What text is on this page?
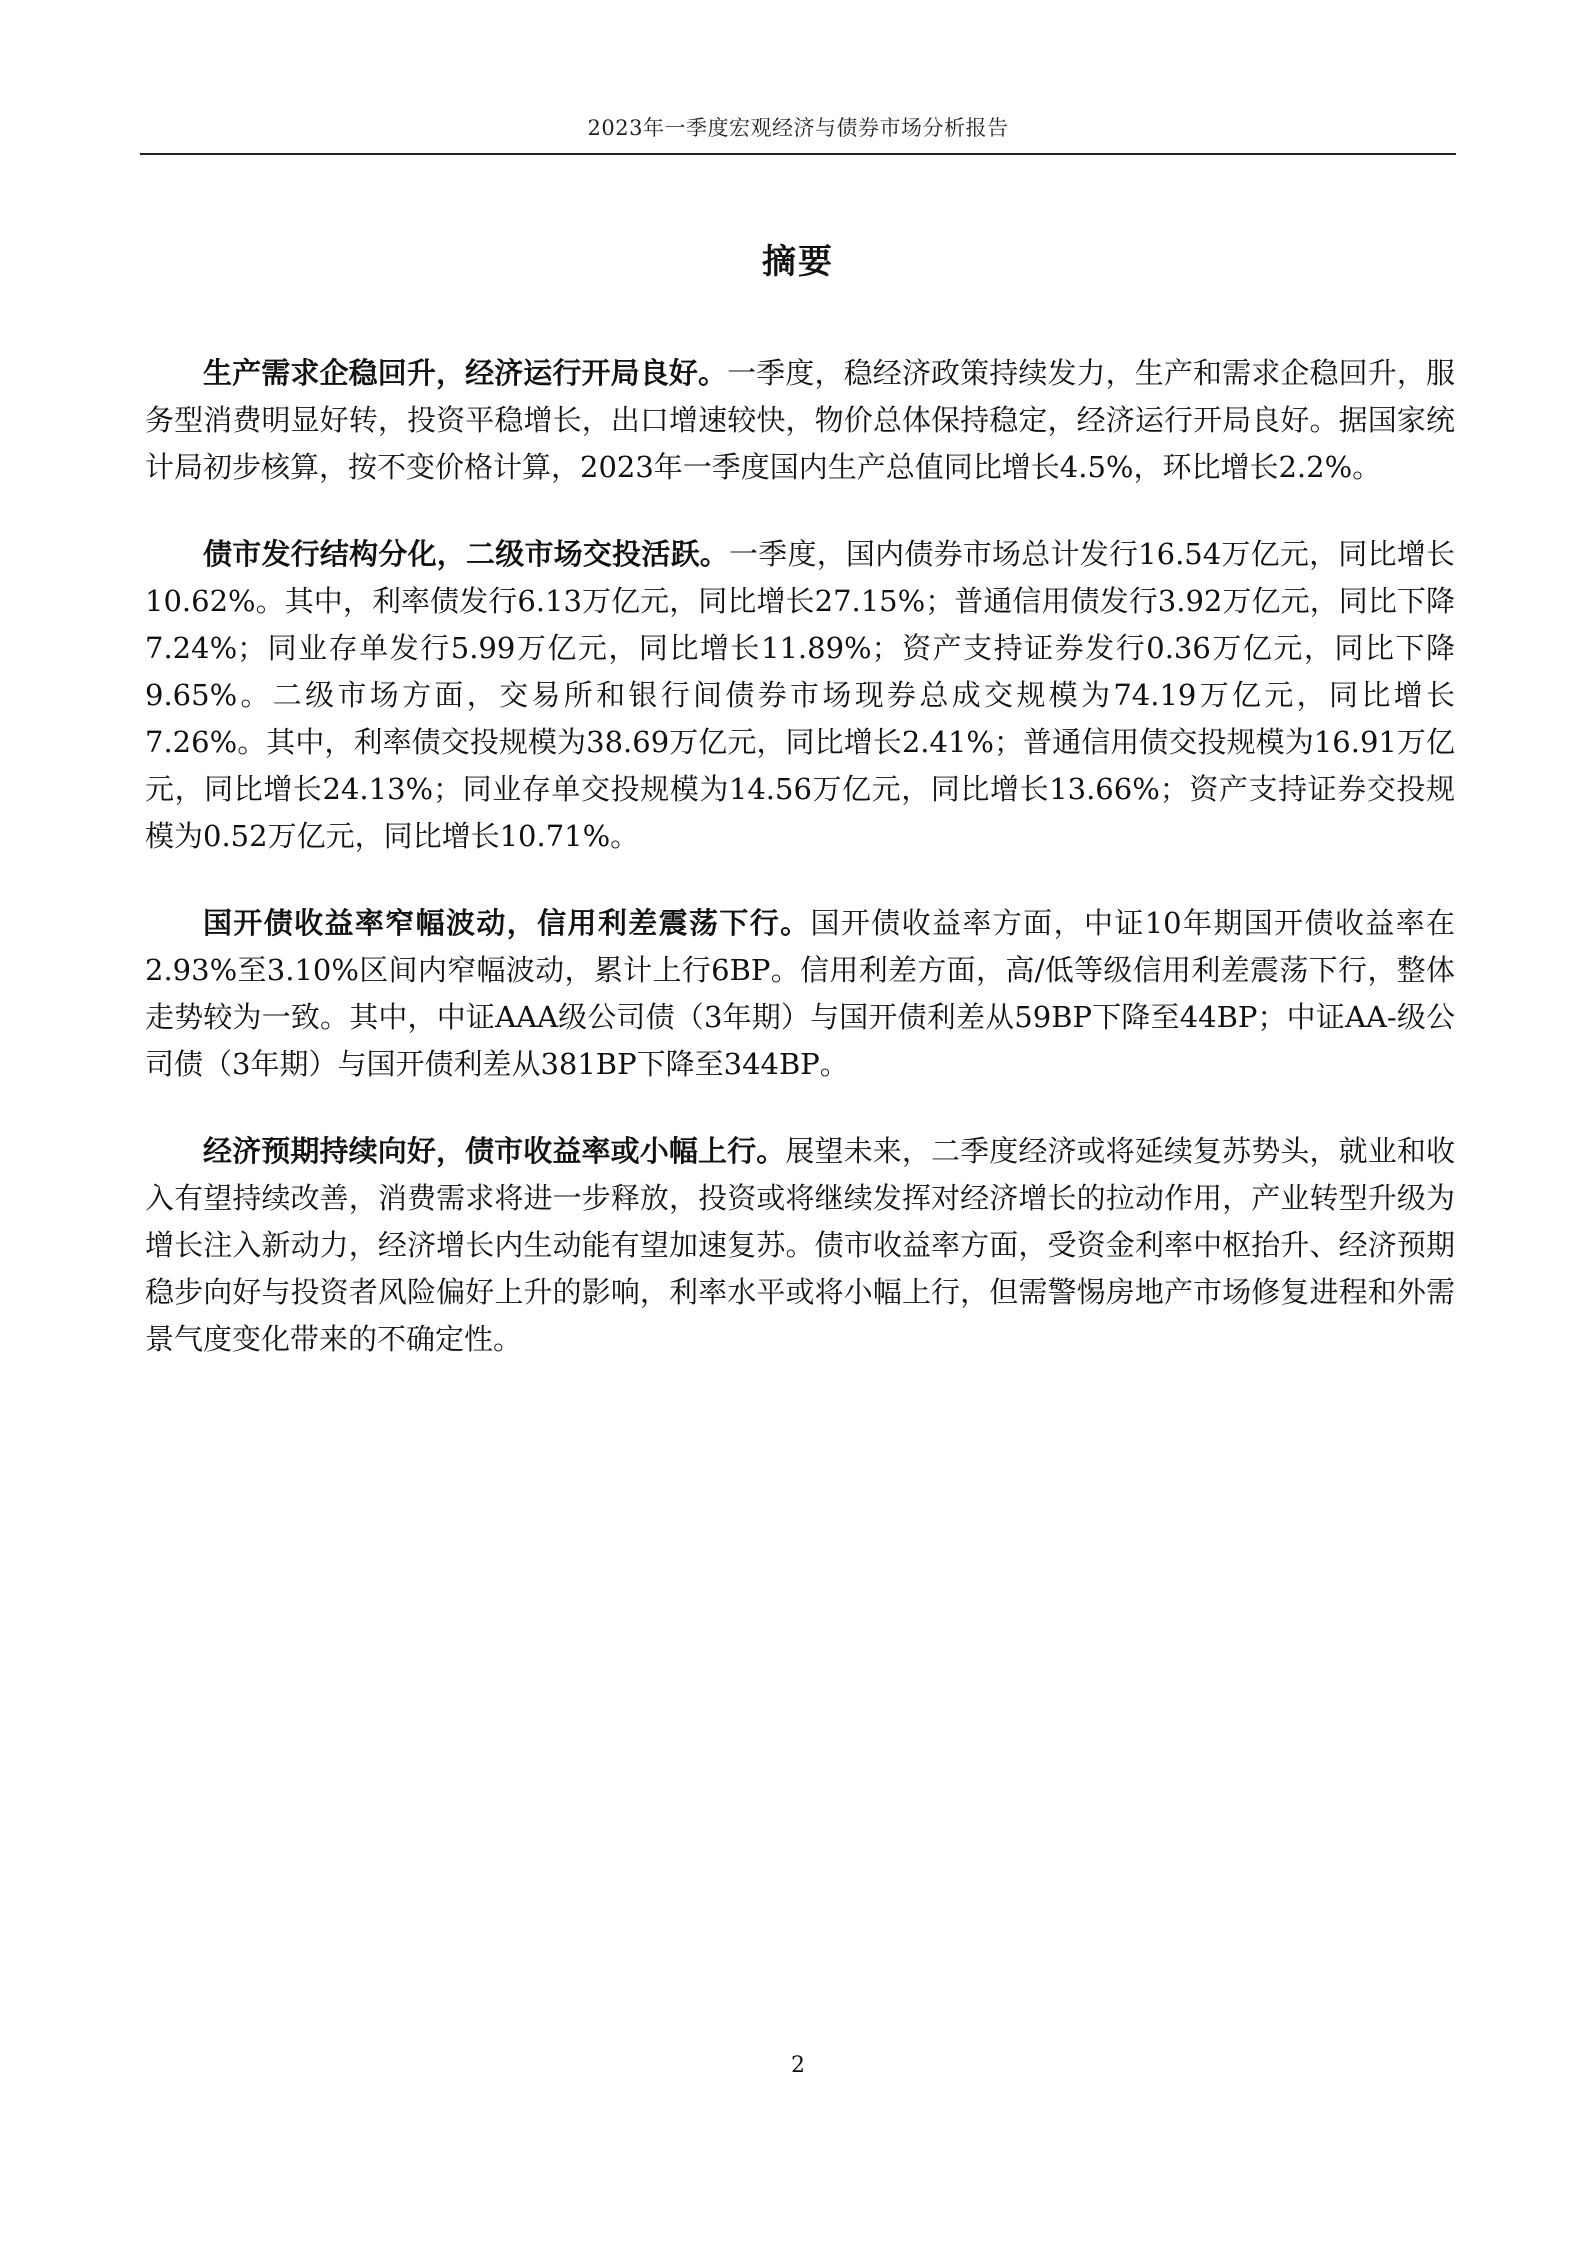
2023年一季度宏观经济与债券市场分析报告
摘要

生产需求企稳回升，经济运行开局良好。一季度，稳经济政策持续发力，生产和需求企稳回升，服务型消费明显好转，投资平稳增长，出口增速较快，物价总体保持稳定，经济运行开局良好。据国家统计局初步核算，按不变价格计算，2023年一季度国内生产总值同比增长4.5%，环比增长2.2%。

债市发行结构分化，二级市场交投活跃。一季度，国内债券市场总计发行16.54万亿元，同比增长10.62%。其中，利率债发行6.13万亿元，同比增长27.15%；普通信用债发行3.92万亿元，同比下降7.24%；同业存单发行5.99万亿元，同比增长11.89%；资产支持证券发行0.36万亿元，同比下降9.65%。二级市场方面，交易所和银行间债券市场现券总成交规模为74.19万亿元，同比增长7.26%。其中，利率债交投规模为38.69万亿元，同比增长2.41%；普通信用债交投规模为16.91万亿元，同比增长24.13%；同业存单交投规模为14.56万亿元，同比增长13.66%；资产支持证券交投规模为0.52万亿元，同比增长10.71%。

国开债收益率窄幅波动，信用利差震荡下行。国开债收益率方面，中证10年期国开债收益率在2.93%至3.10%区间内窄幅波动，累计上行6BP。信用利差方面，高/低等级信用利差震荡下行，整体走势较为一致。其中，中证AAA级公司债（3年期）与国开债利差从59BP下降至44BP；中证AA-级公司债（3年期）与国开债利差从381BP下降至344BP。

经济预期持续向好，债市收益率或小幅上行。展望未来，二季度经济或将延续复苏势头，就业和收入有望持续改善，消费需求将进一步释放，投资或将继续发挥对经济增长的拉动作用，产业转型升级为增长注入新动力，经济增长内生动能有望加速复苏。债市收益率方面，受资金利率中枢抬升、经济预期稳步向好与投资者风险偏好上升的影响，利率水平或将小幅上行，但需警惕房地产市场修复进程和外需景气度变化带来的不确定性。

2
